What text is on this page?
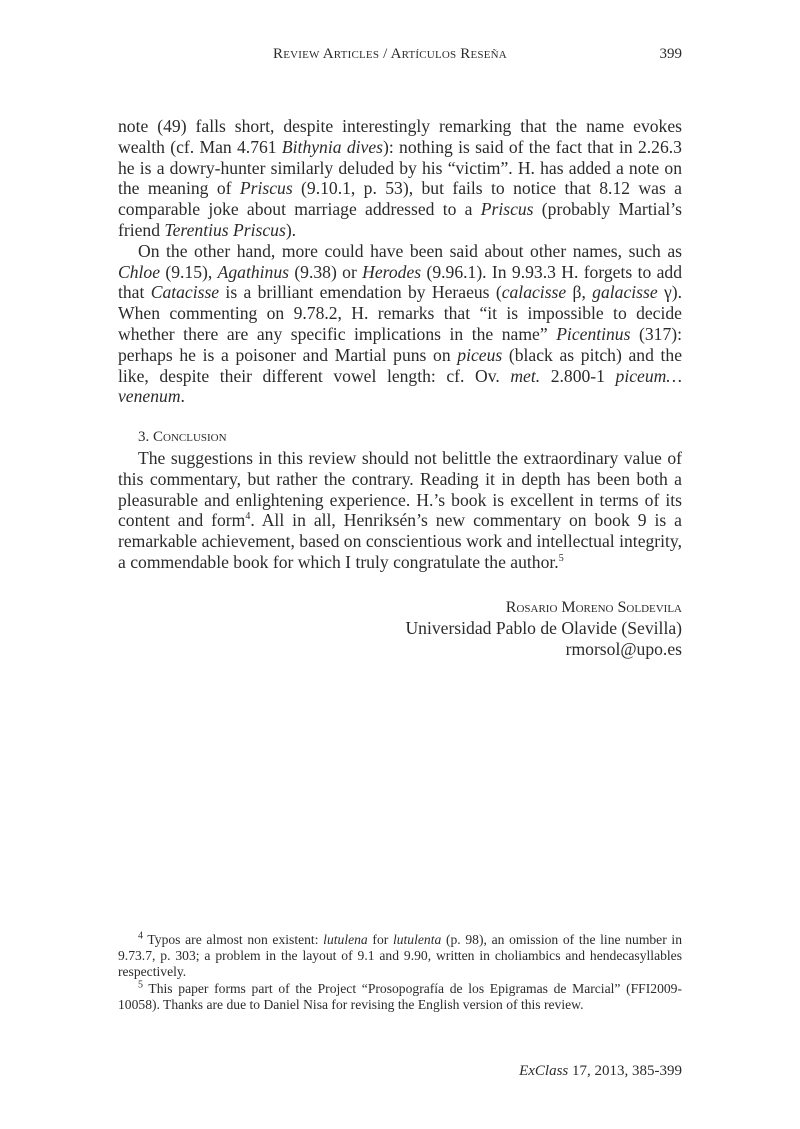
Review Articles / Artículos Reseña	399

note (49) falls short, despite interestingly remarking that the name evokes wealth (cf. Man 4.761 Bithynia dives): nothing is said of the fact that in 2.26.3 he is a dowry-hunter similarly deluded by his “victim”. H. has added a note on the meaning of Priscus (9.10.1, p. 53), but fails to notice that 8.12 was a comparable joke about marriage addressed to a Priscus (probably Martial’s friend Terentius Priscus).

On the other hand, more could have been said about other names, such as Chloe (9.15), Agathinus (9.38) or Herodes (9.96.1). In 9.93.3 H. forgets to add that Catacisse is a brilliant emendation by Heraeus (calacisse β, galacisse γ). When commenting on 9.78.2, H. remarks that “it is impossible to decide whether there are any specific implications in the name” Picentinus (317): perhaps he is a poisoner and Martial puns on piceus (black as pitch) and the like, despite their different vowel length: cf. Ov. met. 2.800-1 piceum… venenum.

3. Conclusion

The suggestions in this review should not belittle the extraordinary value of this commentary, but rather the contrary. Reading it in depth has been both a pleasurable and enlightening experience. H.’s book is excellent in terms of its content and form$^4$. All in all, Henriksén’s new commentary on book 9 is a remarkable achievement, based on conscientious work and intellectual integrity, a commendable book for which I truly congratulate the author.$^5$

Rosario Moreno Soldevila
Universidad Pablo de Olavide (Sevilla)
rmorsol@upo.es

$^4$ Typos are almost non existent: lutulena for lutulenta (p. 98), an omission of the line number in 9.73.7, p. 303; a problem in the layout of 9.1 and 9.90, written in choliambics and hendecasyllables respectively.

$^5$ This paper forms part of the Project “Prosopografía de los Epigramas de Marcial” (FFI2009-10058). Thanks are due to Daniel Nisa for revising the English version of this review.

ExClass 17, 2013, 385-399
